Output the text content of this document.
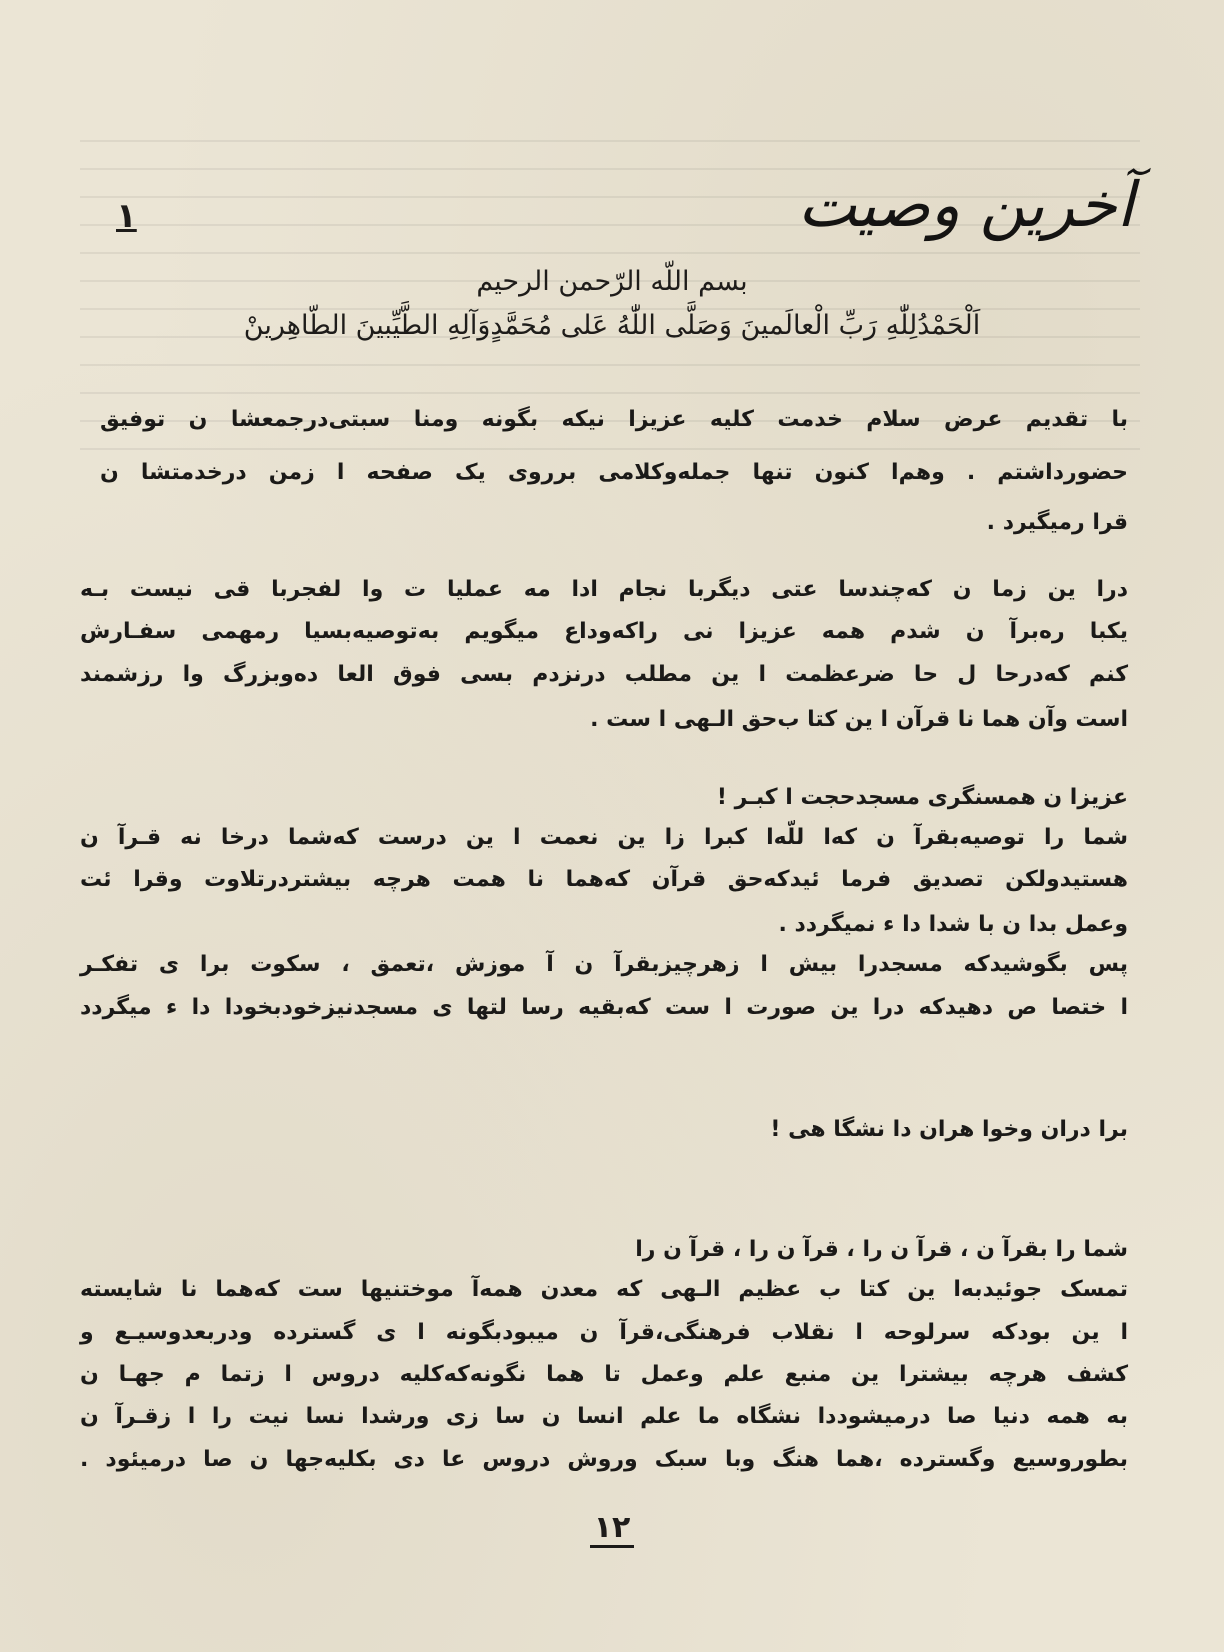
آخرین وصیت
۱
بسم اللّه الرّحمن الرحیم
اَلْحَمْدُلِلّٰهِ رَبِّ الْعالَمینَ وَصَلَّی اللّٰهُ عَلی مُحَمَّدٍوَآلِهِ الطَّیِّبینَ الطّاهِرینْ
با تقدیم عرض سلام خدمت کلیه عزیزا نیکه بگونه ومنا سبتی‌درجمعشا ن توفیق
حضورداشتم . وهم‌ا کنون تنها جمله‌وکلامی برروی یک صفحه ا زمن درخدمتشا ن
قرا رمیگیرد .
درا ین زما ن که‌چندسا عتی دیگربا نجام ادا مه عملیا ت وا لفجربا قی نیست بـه
یکبا ره‌برآ ن شدم همه عزیزا نی راکه‌وداع میگویم به‌توصیه‌بسیا رمهمی سفـارش
کنم که‌درحا ل حا ضرعظمت ا ین مطلب درنزدم بسی فوق العا ده‌وبزرگ وا رزشمند
است وآن هما نا قرآن ا ین کتا ب‌حق الـهی ا ست .
عزیزا ن همسنگری مسجدحجت ا کبـر !
شما را توصیه‌بقرآ ن که‌ا للّه‌ا کبرا زا ین نعمت ا ین درست که‌شما درخا نه قـرآ ن
هستیدولکن تصدیق فرما ئیدکه‌حق قرآن که‌هما نا همت هرچه بیشتردرتلاوت وقرا ئت
وعمل بدا ن با شدا دا ء نمیگردد .
پس بگوشیدکه مسجدرا بیش ا زهرچیزبقرآ ن آ موزش ،تعمق ، سکوت برا ی تفکـر
ا ختصا ص دهیدکه درا ین صورت ا ست که‌بقیه رسا لتها ی مسجدنیزخودبخودا دا ء میگردد
برا دران وخوا هران دا نشگا هی !
شما را بقرآ ن ، قرآ ن را ، قرآ ن را ، قرآ ن را
تمسک جوئیدبه‌ا ین کتا ب عظیم الـهی که معدن همه‌آ موختنیها ست که‌هما نا شایسته
ا ین بودکه سرلوحه ا نقلاب فرهنگی،قرآ ن میبودبگونه ا ی گسترده ودربعدوسیـع و
کشف هرچه بیشترا ین منبع علم وعمل تا هما نگونه‌که‌کلیه دروس ا زتما م جهـا ن
به همه دنیا صا درمیشوددا نشگاه ما علم انسا ن سا زی ورشدا نسا نیت را ا زقـرآ ن
بطوروسیع وگسترده ،هما هنگ وبا سبک وروش دروس عا دی بکلیه‌جها ن صا درمیئود .
۱۲
